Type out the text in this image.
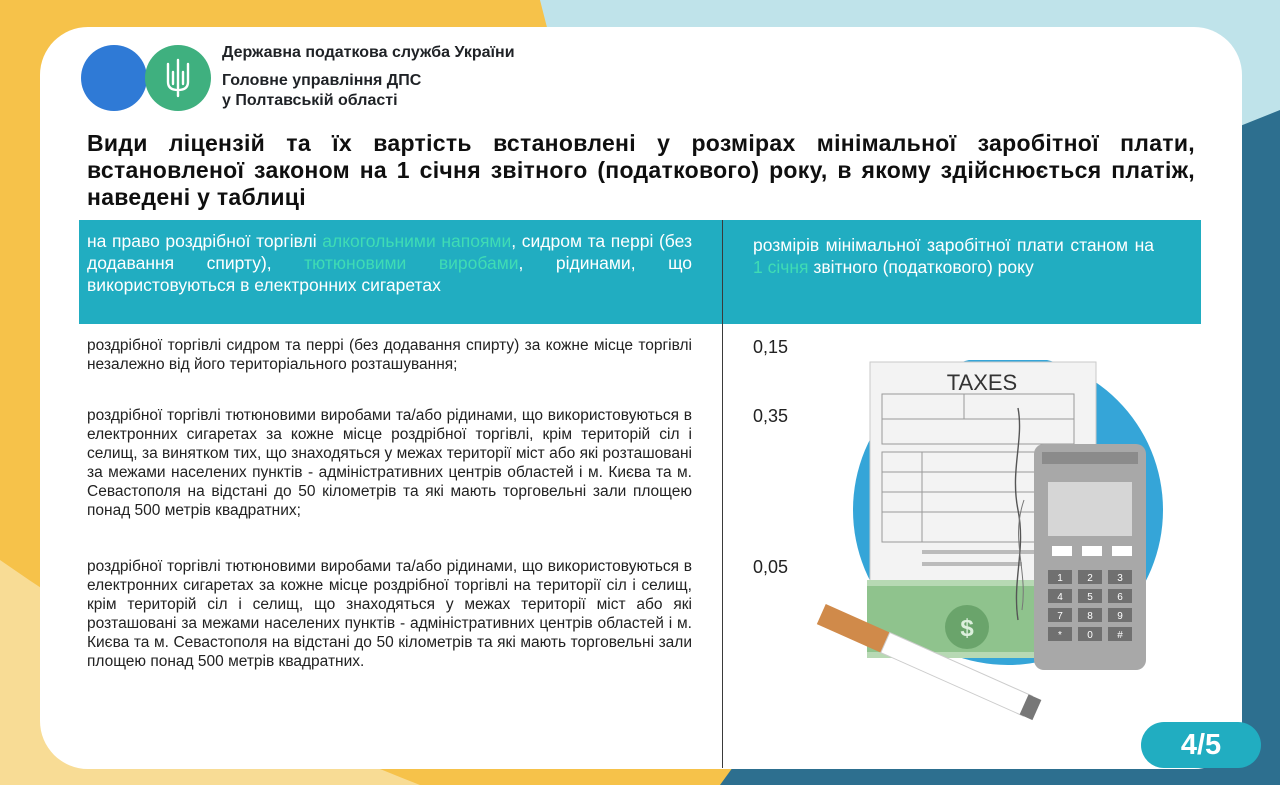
Державна податкова служба України
Головне управління ДПС
у Полтавській області
Види ліцензій та їх вартість встановлені у розмірах мінімальної заробітної плати, встановленої законом на 1 січня звітного (податкового) року, в якому здійснюється платіж, наведені у таблиці
на право роздрібної торгівлі алкогольними напоями, сидром та перрі (без додавання спирту), тютюновими виробами, рідинами, що використовуються в електронних сигаретах
розмірів мінімальної заробітної плати станом на 1 січня звітного (податкового) року
роздрібної торгівлі сидром та перрі (без додавання спирту) за кожне місце торгівлі незалежно від його територіального розташування;
0,15
роздрібної торгівлі тютюновими виробами та/або рідинами, що використовуються в електронних сигаретах за кожне місце роздрібної торгівлі, крім територій сіл і селищ, за винятком тих, що знаходяться у межах території міст або які розташовані за межами населених пунктів - адміністративних центрів областей і м. Києва та м. Севастополя на відстані до 50 кілометрів та які мають торговельні зали площею понад 500 метрів квадратних;
0,35
роздрібної торгівлі тютюновими виробами та/або рідинами, що використовуються в електронних сигаретах за кожне місце роздрібної торгівлі на території сіл і селищ, крім територій сіл і селищ, що знаходяться у межах території міст або які розташовані за межами населених пунктів - адміністративних центрів областей і м. Києва та м. Севастополя на відстані до 50 кілометрів та які мають торговельні зали площею понад 500 метрів квадратних.
0,05
TAXES
$
1 2 3
4 5 6
7 8 9
*	0 #
4/5
